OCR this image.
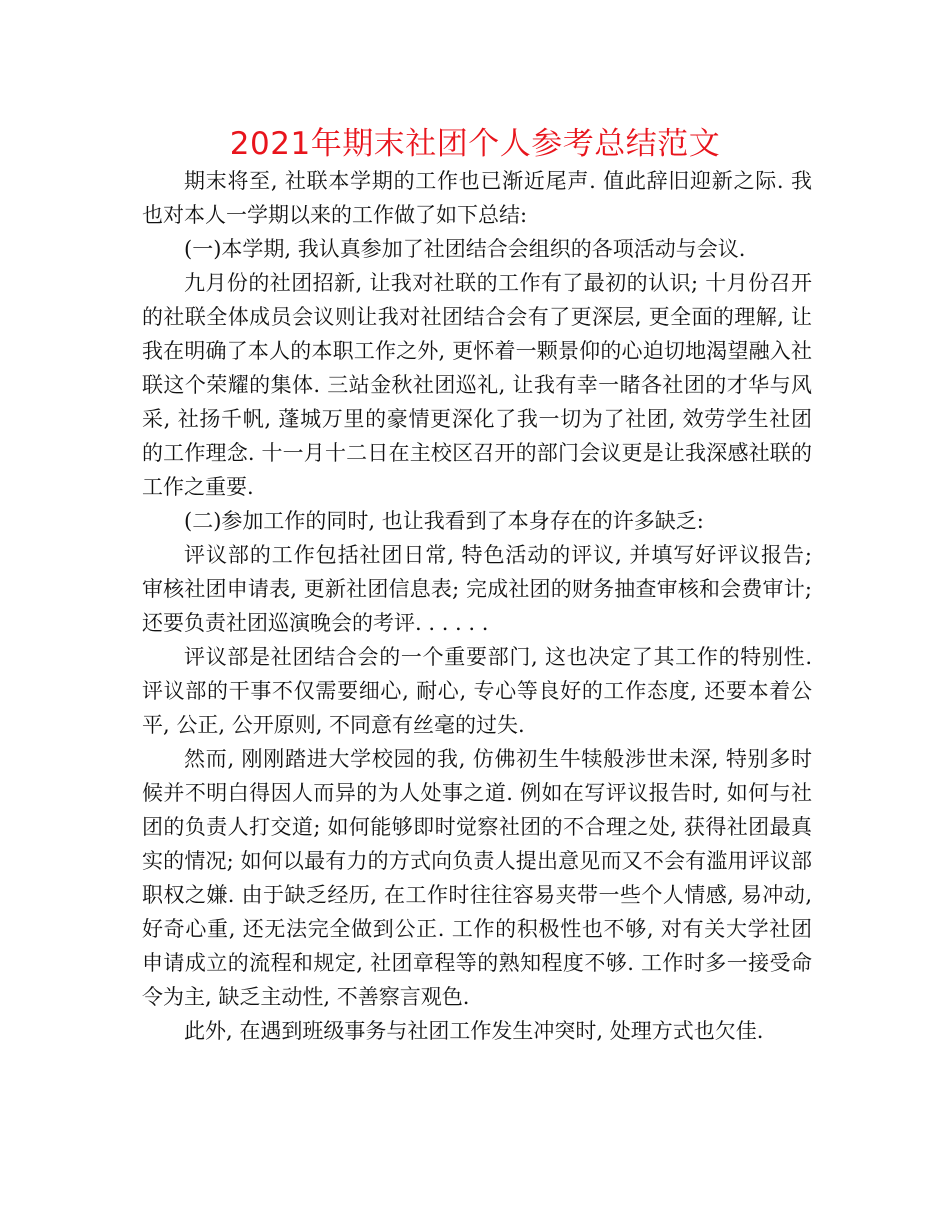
2021年期末社团个人参考总结范文

期末将至, 社联本学期的工作也已渐近尾声. 值此辞旧迎新之际. 我也对本人一学期以来的工作做了如下总结:

(一)本学期, 我认真参加了社团结合会组织的各项活动与会议.

九月份的社团招新, 让我对社联的工作有了最初的认识; 十月份召开的社联全体成员会议则让我对社团结合会有了更深层, 更全面的理解, 让我在明确了本人的本职工作之外, 更怀着一颗景仰的心迫切地渴望融入社联这个荣耀的集体. 三站金秋社团巡礼, 让我有幸一睹各社团的才华与风采, 社扬千帆, 蓬城万里的豪情更深化了我一切为了社团, 效劳学生社团的工作理念. 十一月十二日在主校区召开的部门会议更是让我深感社联的工作之重要.

(二)参加工作的同时, 也让我看到了本身存在的许多缺乏:

评议部的工作包括社团日常, 特色活动的评议, 并填写好评议报告; 审核社团申请表, 更新社团信息表; 完成社团的财务抽查审核和会费审计; 还要负责社团巡演晚会的考评. . . . . .

评议部是社团结合会的一个重要部门, 这也决定了其工作的特别性. 评议部的干事不仅需要细心, 耐心, 专心等良好的工作态度, 还要本着公平, 公正, 公开原则, 不同意有丝毫的过失.

然而, 刚刚踏进大学校园的我, 仿佛初生牛犊般涉世未深, 特别多时候并不明白得因人而异的为人处事之道. 例如在写评议报告时, 如何与社团的负责人打交道; 如何能够即时觉察社团的不合理之处, 获得社团最真实的情况; 如何以最有力的方式向负责人提出意见而又不会有滥用评议部职权之嫌. 由于缺乏经历, 在工作时往往容易夹带一些个人情感, 易冲动, 好奇心重, 还无法完全做到公正. 工作的积极性也不够, 对有关大学社团申请成立的流程和规定, 社团章程等的熟知程度不够. 工作时多一接受命令为主, 缺乏主动性, 不善察言观色.

此外, 在遇到班级事务与社团工作发生冲突时, 处理方式也欠佳.
